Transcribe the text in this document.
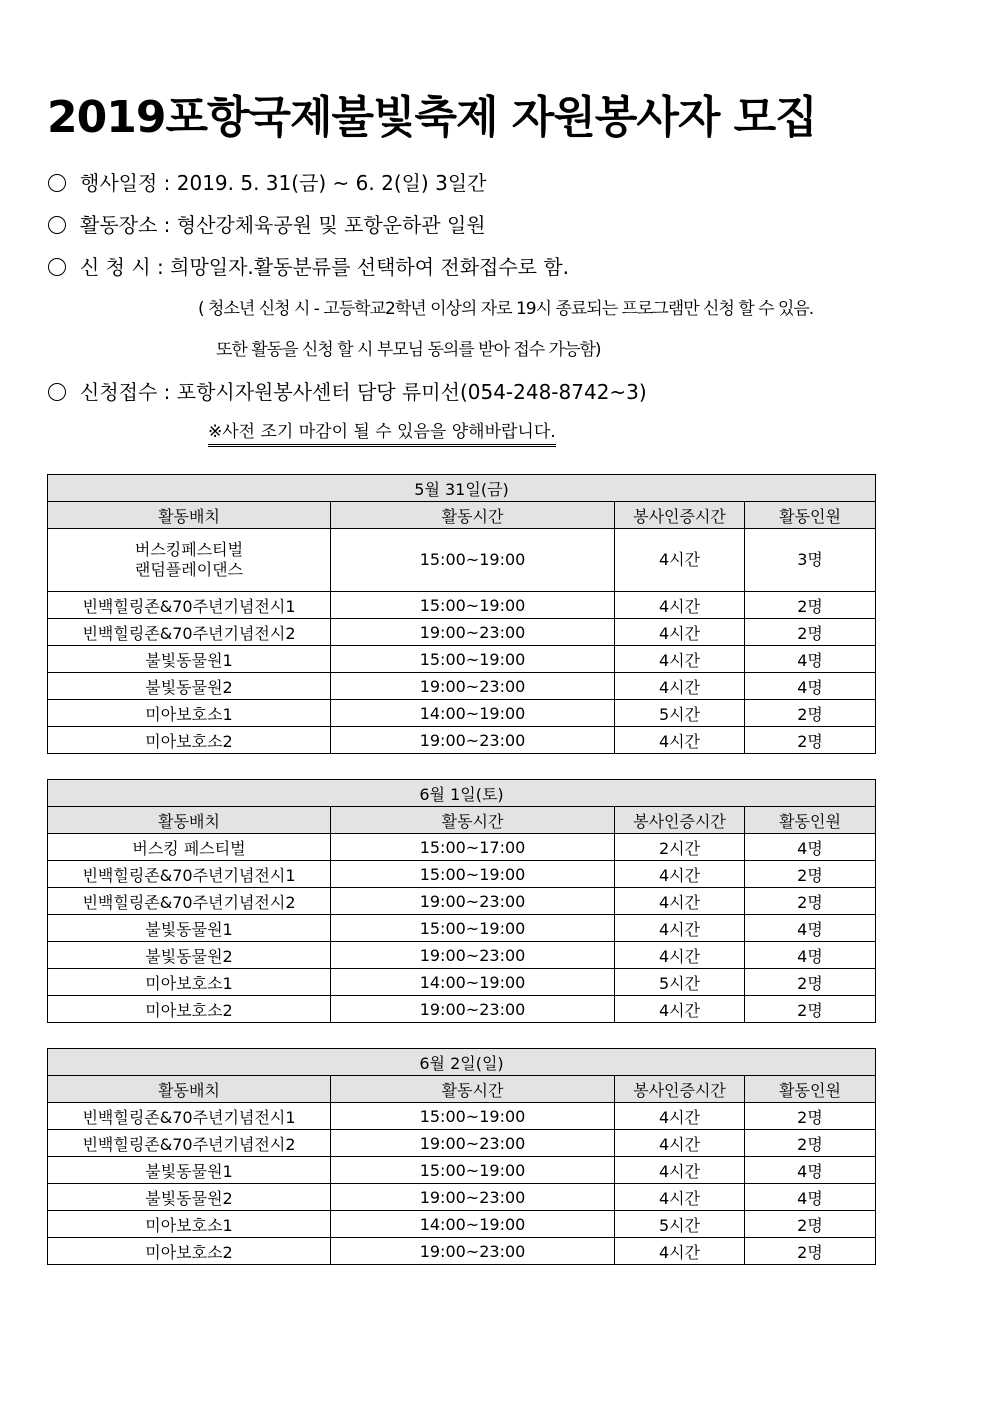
2019포항국제불빛축제 자원봉사자 모집
행사일정 : 2019. 5. 31(금) ~ 6. 2(일) 3일간
활동장소 : 형산강체육공원 및 포항운하관 일원
신 청 시 : 희망일자.활동분류를 선택하여 전화접수로 함.
( 청소년 신청 시 - 고등학교2학년 이상의 자로 19시 종료되는 프로그램만 신청 할 수 있음.
또한 활동을 신청 할 시 부모님 동의를 받아 접수 가능함)
신청접수 : 포항시자원봉사센터 담당 류미선(054-248-8742~3)
※사전 조기 마감이 될 수 있음을 양해바랍니다.
5월 31일(금)			
활동배치	활동시간	봉사인증시간	활동인원
버스킹페스티벌
랜덤플레이댄스	15:00~19:00	4시간	3명
빈백힐링존&70주년기념전시1	15:00~19:00	4시간	2명
빈백힐링존&70주년기념전시2	19:00~23:00	4시간	2명
불빛동물원1	15:00~19:00	4시간	4명
불빛동물원2	19:00~23:00	4시간	4명
미아보호소1	14:00~19:00	5시간	2명
미아보호소2	19:00~23:00	4시간	2명
6월 1일(토)			
활동배치	활동시간	봉사인증시간	활동인원
버스킹 페스티벌	15:00~17:00	2시간	4명
빈백힐링존&70주년기념전시1	15:00~19:00	4시간	2명
빈백힐링존&70주년기념전시2	19:00~23:00	4시간	2명
불빛동물원1	15:00~19:00	4시간	4명
불빛동물원2	19:00~23:00	4시간	4명
미아보호소1	14:00~19:00	5시간	2명
미아보호소2	19:00~23:00	4시간	2명
6월 2일(일)			
활동배치	활동시간	봉사인증시간	활동인원
빈백힐링존&70주년기념전시1	15:00~19:00	4시간	2명
빈백힐링존&70주년기념전시2	19:00~23:00	4시간	2명
불빛동물원1	15:00~19:00	4시간	4명
불빛동물원2	19:00~23:00	4시간	4명
미아보호소1	14:00~19:00	5시간	2명
미아보호소2	19:00~23:00	4시간	2명
